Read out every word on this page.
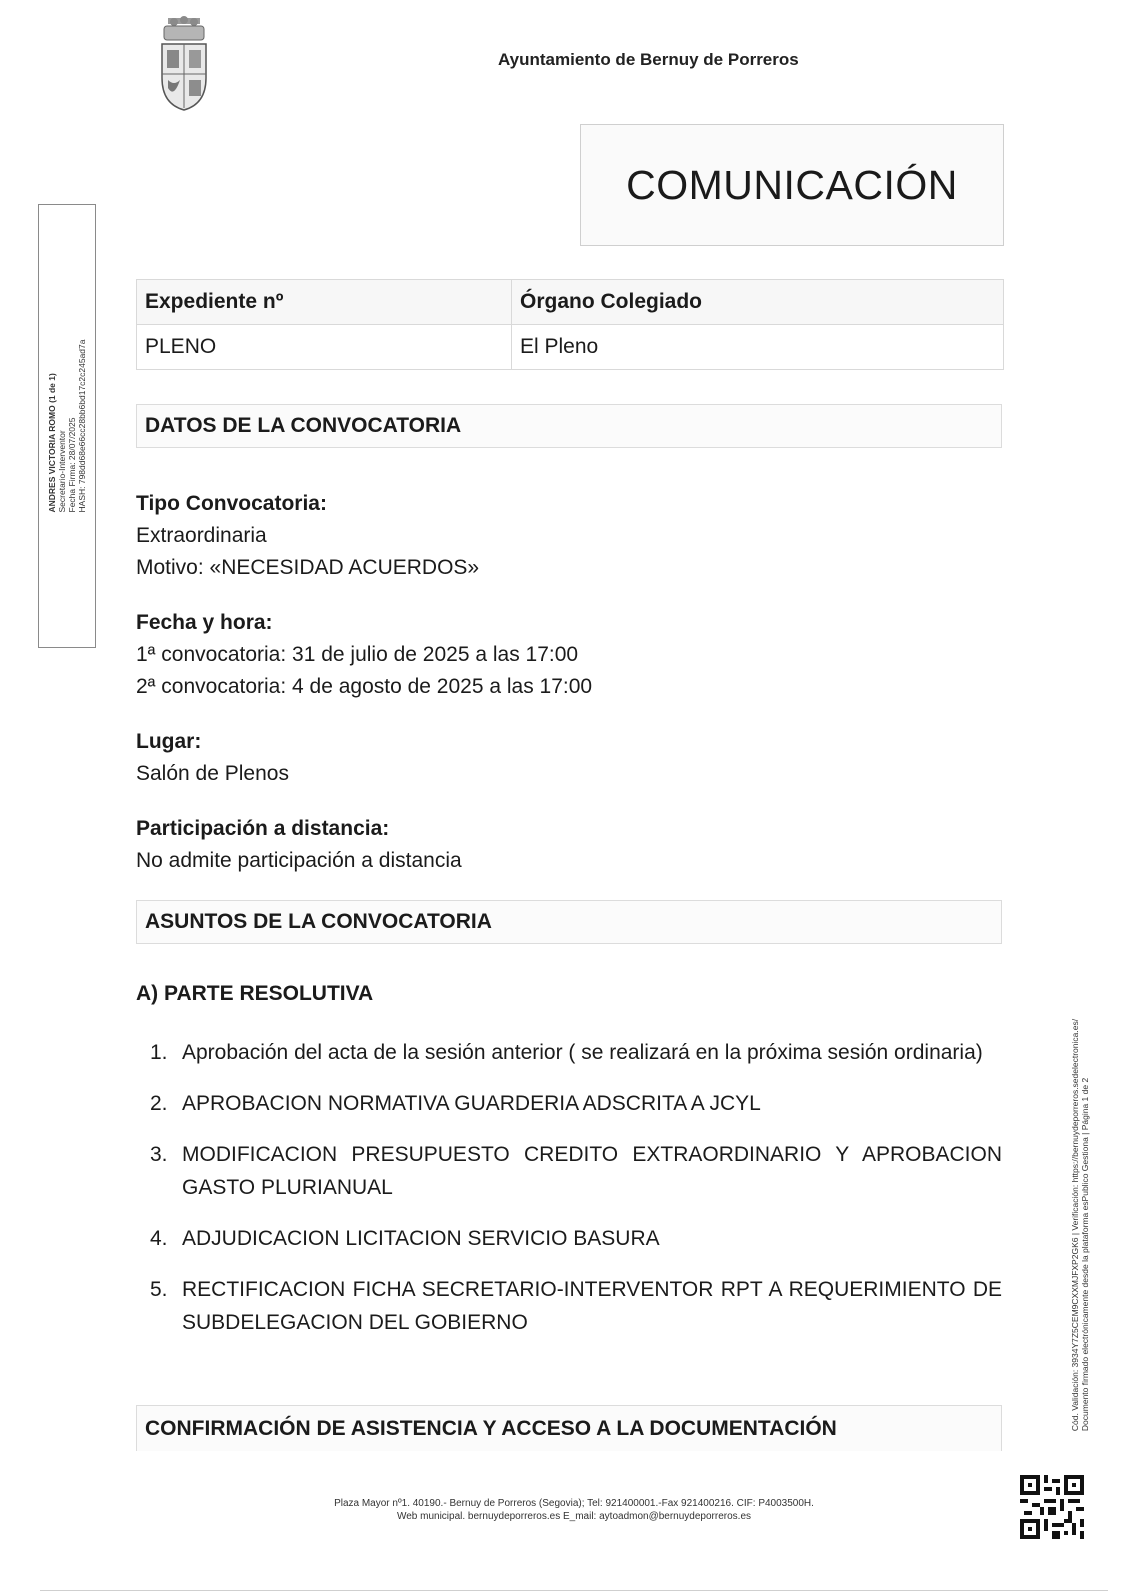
Ayuntamiento de Bernuy de Porreros
COMUNICACIÓN
Expediente nº	Órgano Colegiado
PLENO	El Pleno
DATOS DE LA CONVOCATORIA
Tipo Convocatoria:
Extraordinaria
Motivo: «NECESIDAD ACUERDOS»
Fecha y hora:
1ª convocatoria: 31 de julio de 2025 a las 17:00
2ª convocatoria: 4 de agosto de 2025 a las 17:00
Lugar:
Salón de Plenos
Participación a distancia:
No admite participación a distancia
ASUNTOS DE LA CONVOCATORIA
A) PARTE RESOLUTIVA
1. Aprobación del acta de la sesión anterior ( se realizará en la próxima sesión ordinaria)
2. APROBACION NORMATIVA GUARDERIA ADSCRITA A JCYL
3. MODIFICACION PRESUPUESTO CREDITO EXTRAORDINARIO Y APROBACION GASTO PLURIANUAL
4. ADJUDICACION LICITACION SERVICIO BASURA
5. RECTIFICACION FICHA SECRETARIO-INTERVENTOR RPT A REQUERIMIENTO DE SUBDELEGACION DEL GOBIERNO
CONFIRMACIÓN DE ASISTENCIA Y ACCESO A LA DOCUMENTACIÓN
ANDRES VICTORIA ROMO (1 de 1) Secretario-Interventor Fecha Firma: 28/07/2025 HASH: 798dd68e66cc28bb6bd17c2c245ad7a
Cód. Validación: 3934Y7Z5CEM9CXXMJFXP2GK6 | Verificación: https://bernuydeporreros.sedelectronica.es/ Documento firmado electrónicamente desde la plataforma esPublico Gestiona | Página 1 de 2
Plaza Mayor nº1. 40190.- Bernuy de Porreros (Segovia); Tel: 921400001.-Fax 921400216. CIF: P4003500H.
Web municipal. bernuydeporreros.es E_mail: aytoadmon@bernuydeporreros.es
